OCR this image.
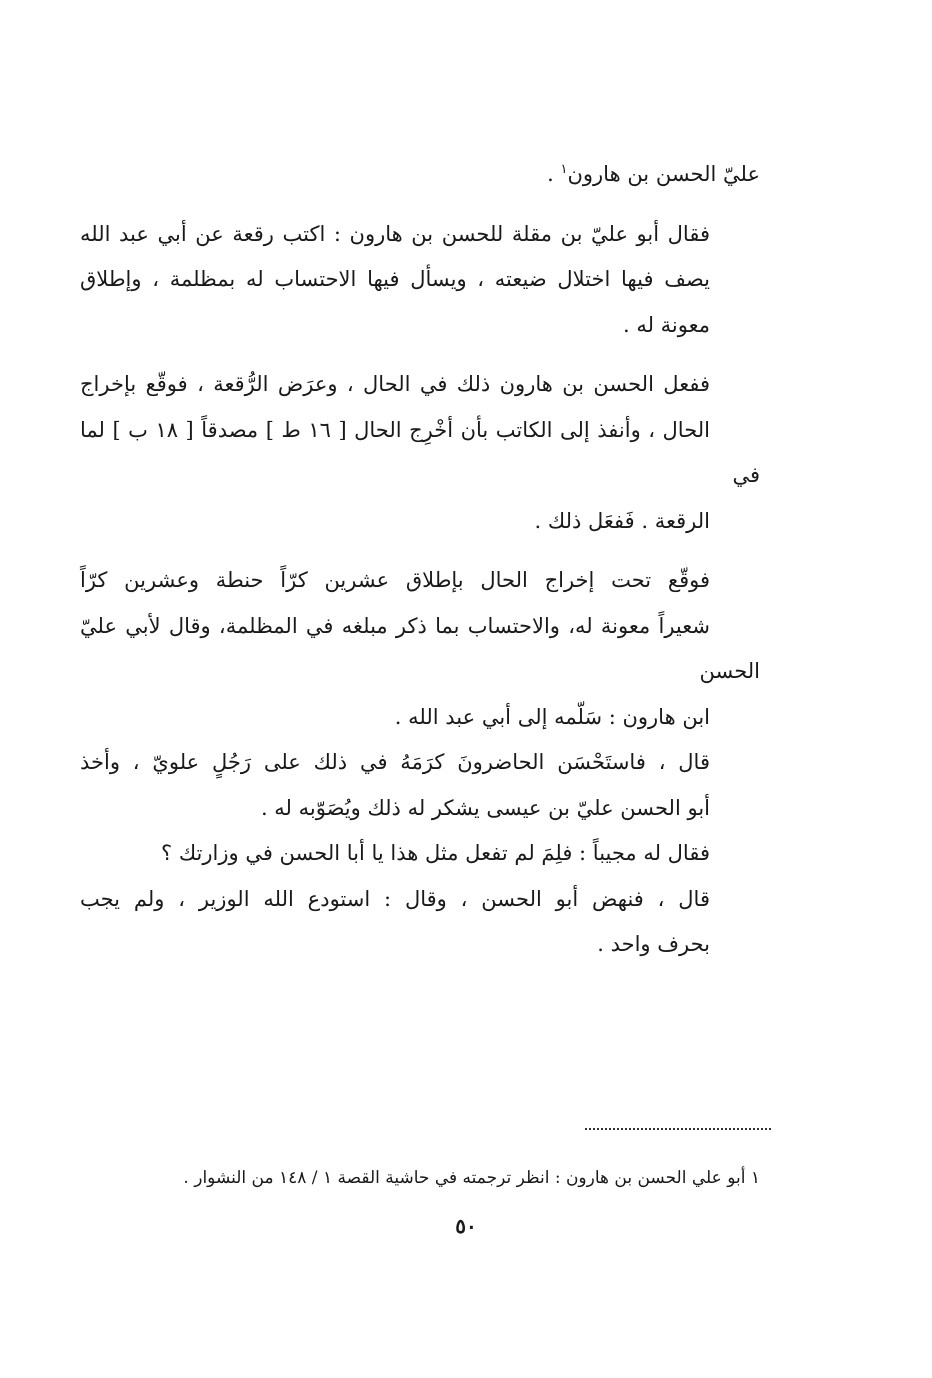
عليّ الحسن بن هارون$^١$ .

فقال أبو عليّ بن مقلة للحسن بن هارون : اكتب رقعة عن أبي عبد الله
يصف فيها اختلال ضيعته ، ويسأل فيها الاحتساب له بمظلمة ، وإطلاق
معونة له .

ففعل الحسن بن هارون ذلك في الحال ، وعرَض الرُّقعة ، فوقّع بإخراج
الحال ، وأنفذ إلى الكاتب بأن أخْرِج الحال [ ١٦ ط ] مصدقاً [ ١٨ ب ] لما في
الرقعة . فَفعَل ذلك .

فوقّع تحت إخراج الحال بإطلاق عشرين كرّاً حنطة وعشرين كرّاً
شعيراً معونة له، والاحتساب بما ذكر مبلغه في المظلمة، وقال لأبي عليّ الحسن
ابن هارون : سَلّمه إلى أبي عبد الله .

قال ، فاستَحْسَن الحاضرونَ كرَمَهُ في ذلك على رَجُلٍ علويّ ، وأخذ
أبو الحسن عليّ بن عيسى يشكر له ذلك ويُصَوّبه له .

فقال له مجيباً : فلِمَ لم تفعل مثل هذا يا أبا الحسن في وزارتك ؟

قال ، فنهض أبو الحسن ، وقال : استودع الله الوزير ، ولم يجب
بحرف واحد .

١ أبو علي الحسن بن هارون : انظر ترجمته في حاشية القصة ١ / ١٤٨ من النشوار .
٥٠
